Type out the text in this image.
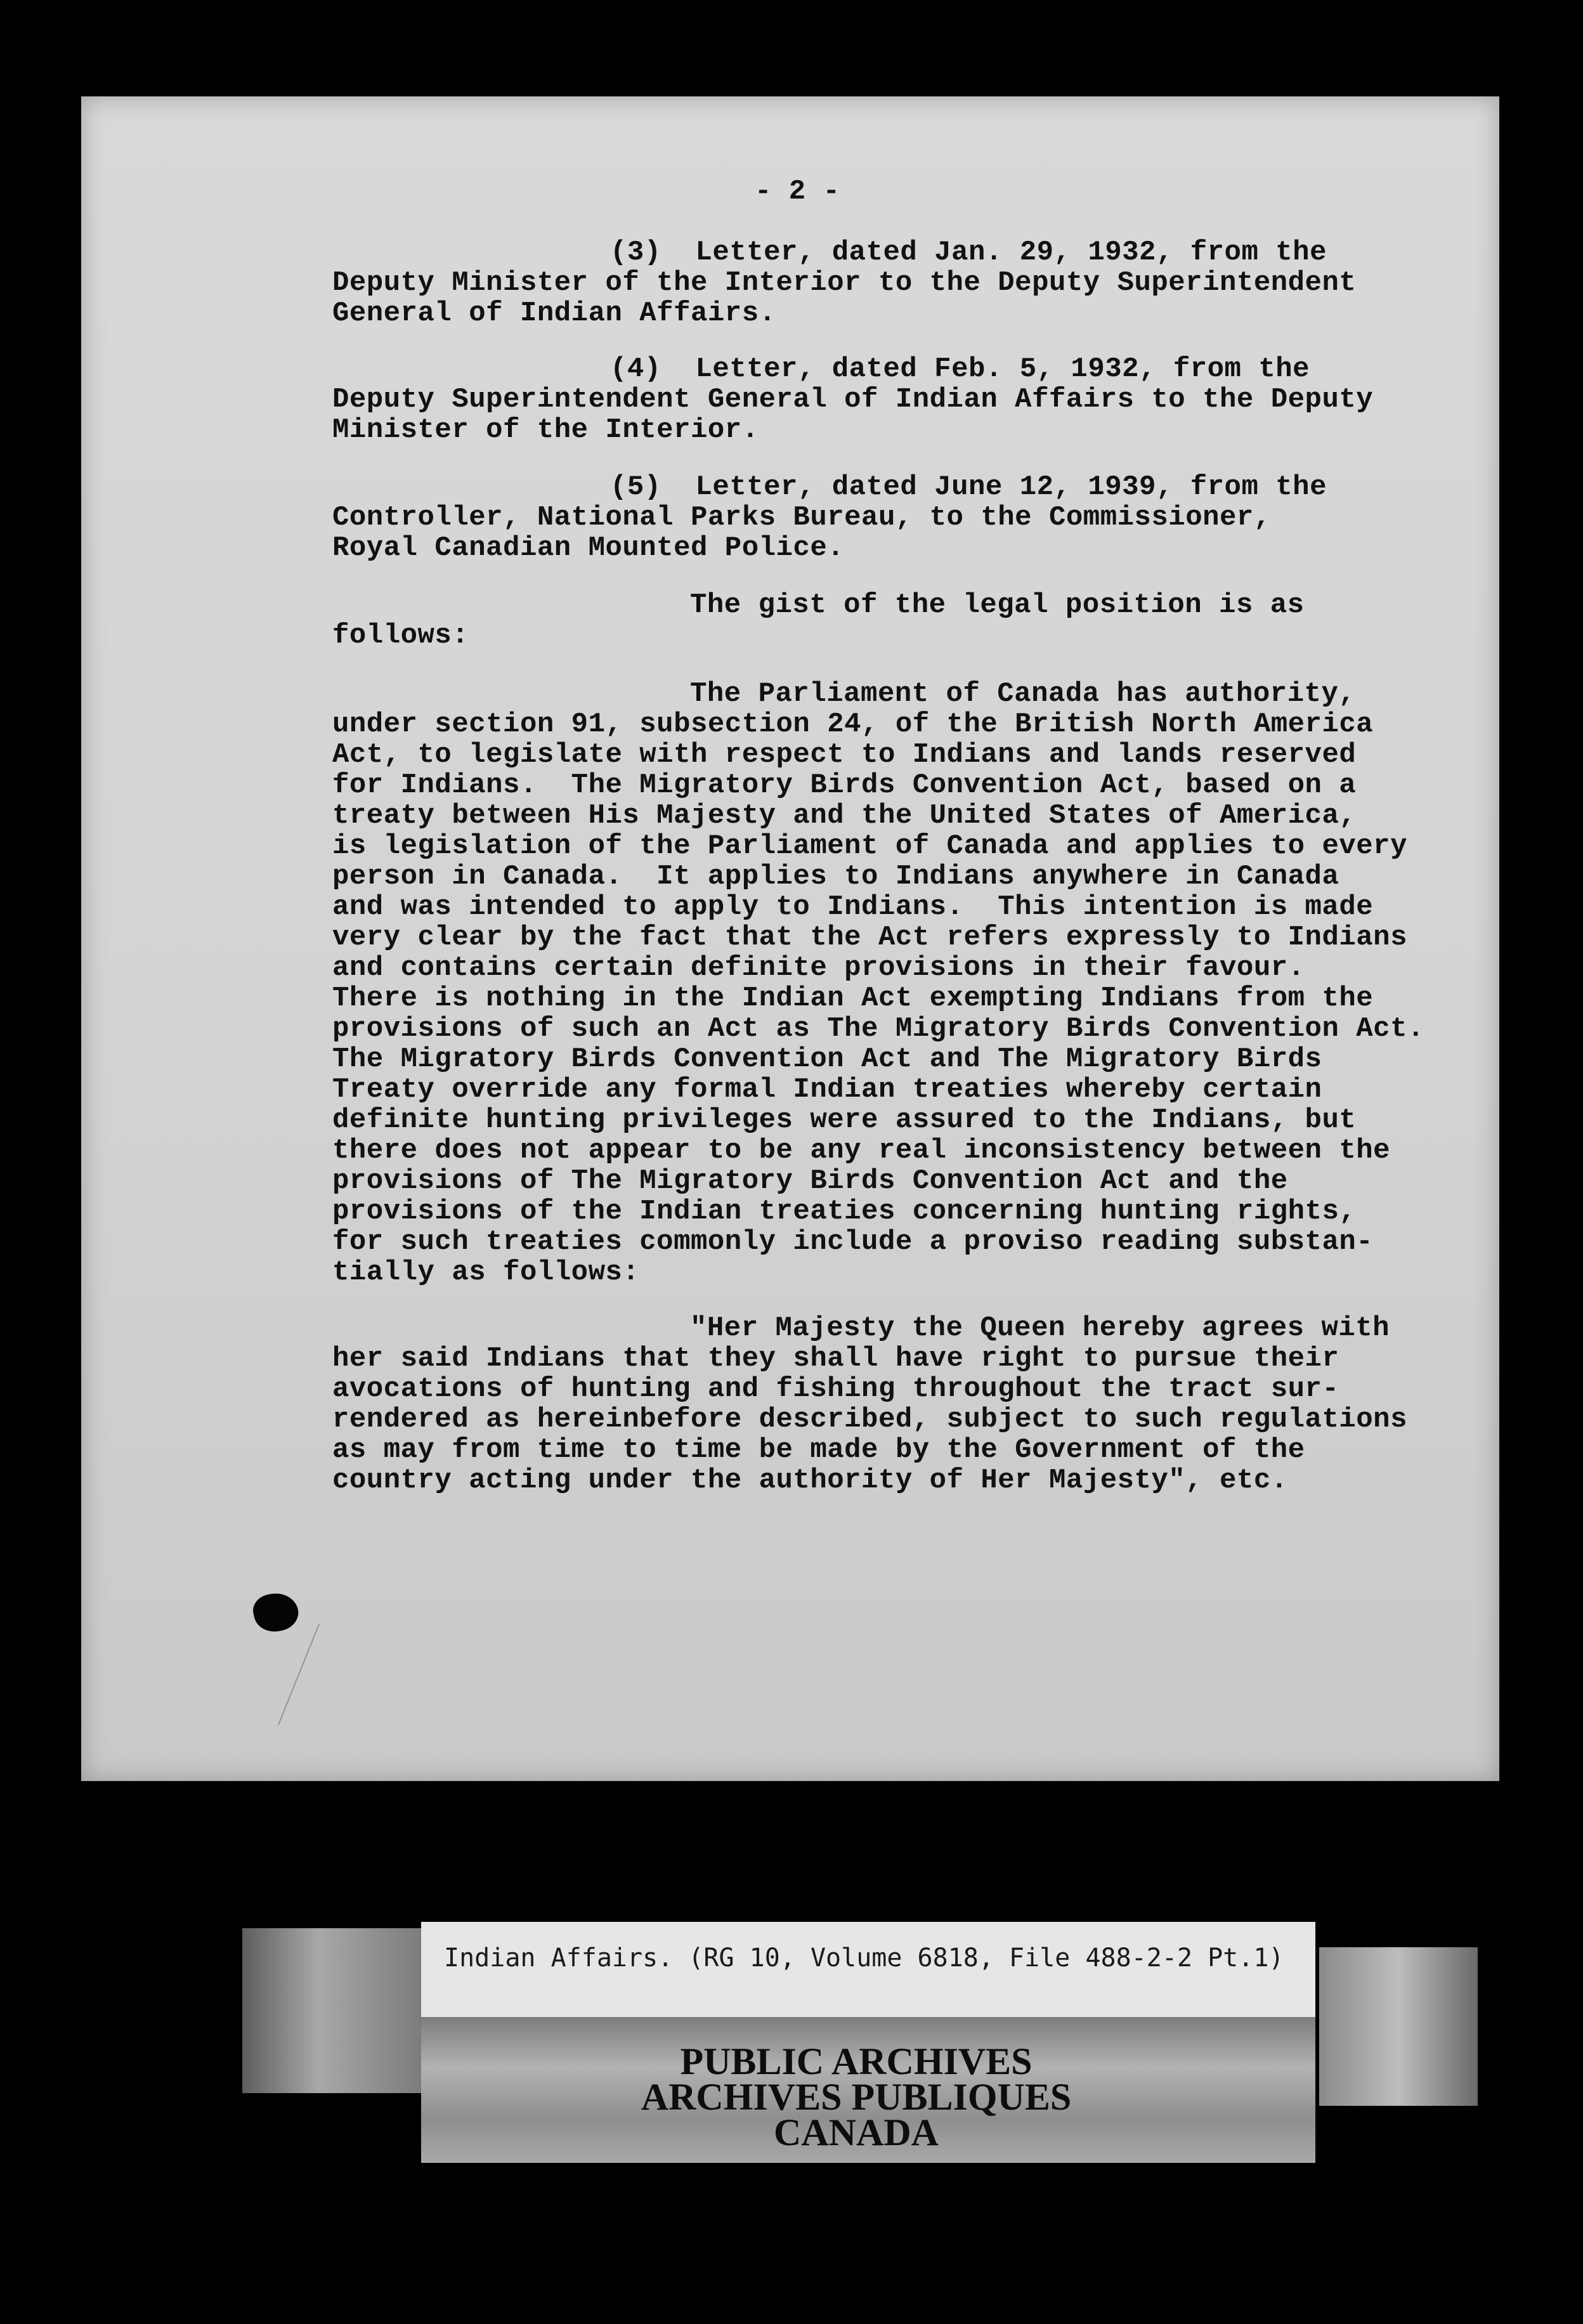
- 2 -
(3)  Letter, dated Jan. 29, 1932, from the
Deputy Minister of the Interior to the Deputy Superintendent
General of Indian Affairs.
(4)  Letter, dated Feb. 5, 1932, from the
Deputy Superintendent General of Indian Affairs to the Deputy
Minister of the Interior.
(5)  Letter, dated June 12, 1939, from the
Controller, National Parks Bureau, to the Commissioner,
Royal Canadian Mounted Police.
The gist of the legal position is as
follows:
The Parliament of Canada has authority,
under section 91, subsection 24, of the British North America
Act, to legislate with respect to Indians and lands reserved
for Indians.  The Migratory Birds Convention Act, based on a
treaty between His Majesty and the United States of America,
is legislation of the Parliament of Canada and applies to every
person in Canada.  It applies to Indians anywhere in Canada
and was intended to apply to Indians.  This intention is made
very clear by the fact that the Act refers expressly to Indians
and contains certain definite provisions in their favour.
There is nothing in the Indian Act exempting Indians from the
provisions of such an Act as The Migratory Birds Convention Act.
The Migratory Birds Convention Act and The Migratory Birds
Treaty override any formal Indian treaties whereby certain
definite hunting privileges were assured to the Indians, but
there does not appear to be any real inconsistency between the
provisions of The Migratory Birds Convention Act and the
provisions of the Indian treaties concerning hunting rights,
for such treaties commonly include a proviso reading substan-
tially as follows:
"Her Majesty the Queen hereby agrees with
her said Indians that they shall have right to pursue their
avocations of hunting and fishing throughout the tract sur-
rendered as hereinbefore described, subject to such regulations
as may from time to time be made by the Government of the
country acting under the authority of Her Majesty", etc.
Indian Affairs. (RG 10, Volume 6818, File 488-2-2 Pt.1)
PUBLIC ARCHIVES
ARCHIVES PUBLIQUES
CANADA
